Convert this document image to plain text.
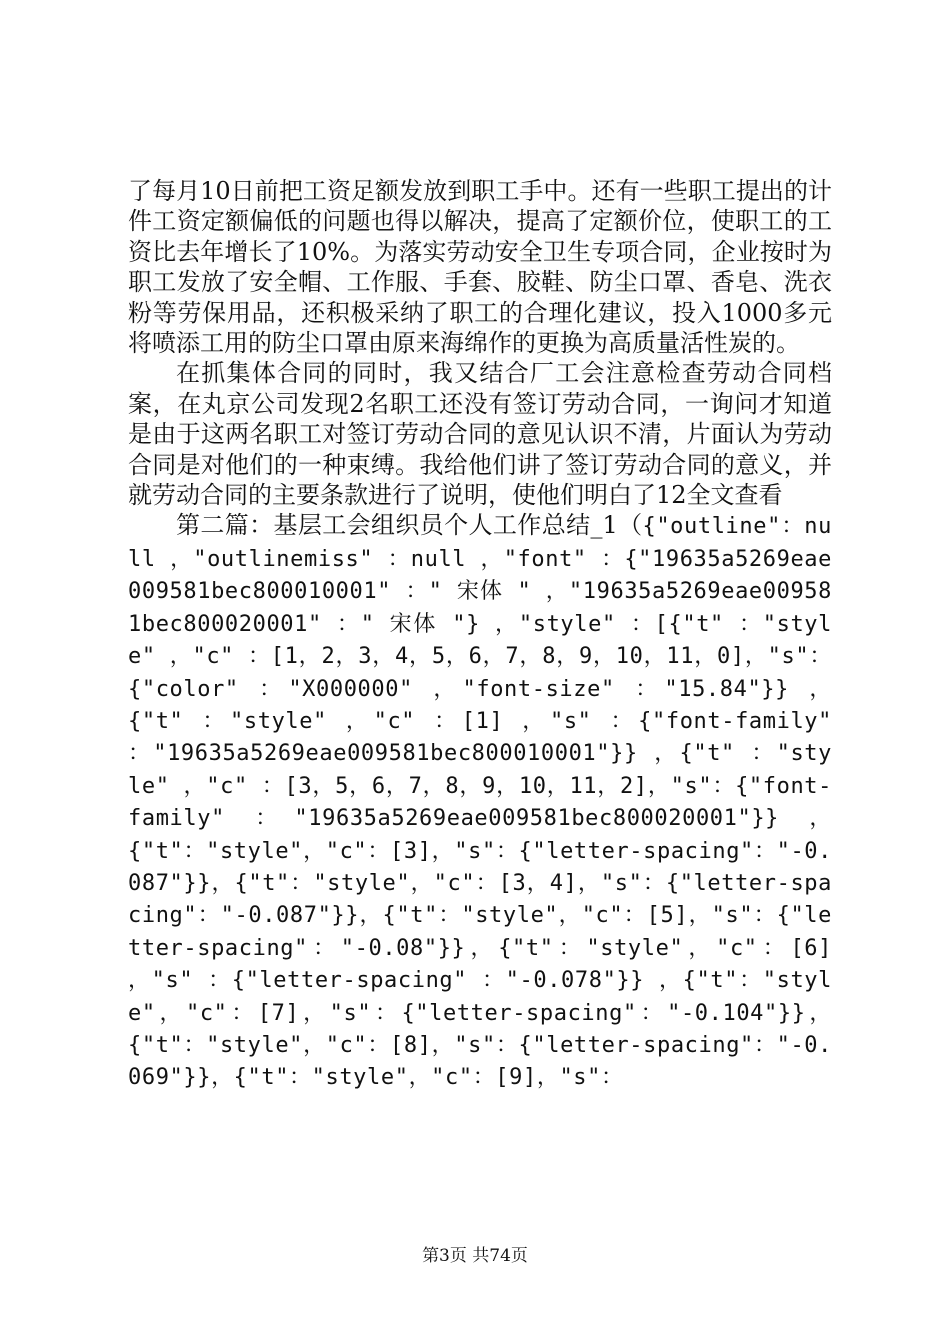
了每月10日前把工资足额发放到职工手中。还有一些职工提出的计件工资定额偏低的问题也得以解决，提高了定额价位，使职工的工资比去年增长了10%。为落实劳动安全卫生专项合同，企业按时为职工发放了安全帽、工作服、手套、胶鞋、防尘口罩、香皂、洗衣粉等劳保用品，还积极采纳了职工的合理化建议，投入1000多元将喷添工用的防尘口罩由原来海绵作的更换为高质量活性炭的。

在抓集体合同的同时，我又结合厂工会注意检查劳动合同档案，在丸京公司发现2名职工还没有签订劳动合同，一询问才知道是由于这两名职工对签订劳动合同的意见认识不清，片面认为劳动合同是对他们的一种束缚。我给他们讲了签订劳动合同的意义，并就劳动合同的主要条款进行了说明，使他们明白了12全文查看

第二篇：基层工会组织员个人工作总结_1（{"outline"：null ，"outlinemiss" ：null ，"font" ：{"19635a5269eae009581bec800010001" ：" 宋体 " ，"19635a5269eae009581bec800020001" ：" 宋体 "} ，"style" ：[{"t" ："style" ，"c" ：[1，2，3，4，5，6，7，8，9，10，11，0]，"s"：{"color" ："X000000" ，"font-size" ："15.84"}} ，{"t" ："style" ，"c" ：[1] ，"s" ：{"font-family" ："19635a5269eae009581bec800010001"}} ，{"t" ："style" ，"c" ：[3，5，6，7，8，9，10，11，2]，"s"：{"font-family" ："19635a5269eae009581bec800020001"}} ，{"t"："style"，"c"：[3]，"s"：{"letter-spacing"："-0.087"}}，{"t"："style"，"c"：[3，4]，"s"：{"letter-spacing"："-0.087"}}，{"t"："style"，"c"：[5]，"s"：{"letter-spacing"："-0.08"}}，{"t"："style"，"c"：[6] ，"s" ：{"letter-spacing" ："-0.078"}} ，{"t"："style"，"c"：[7]，"s"：{"letter-spacing"："-0.104"}}，{"t"："style"，"c"：[8]，"s"：{"letter-spacing"："-0.069"}}，{"t"："style"，"c"：[9]，"s"：

第3页 共74页
